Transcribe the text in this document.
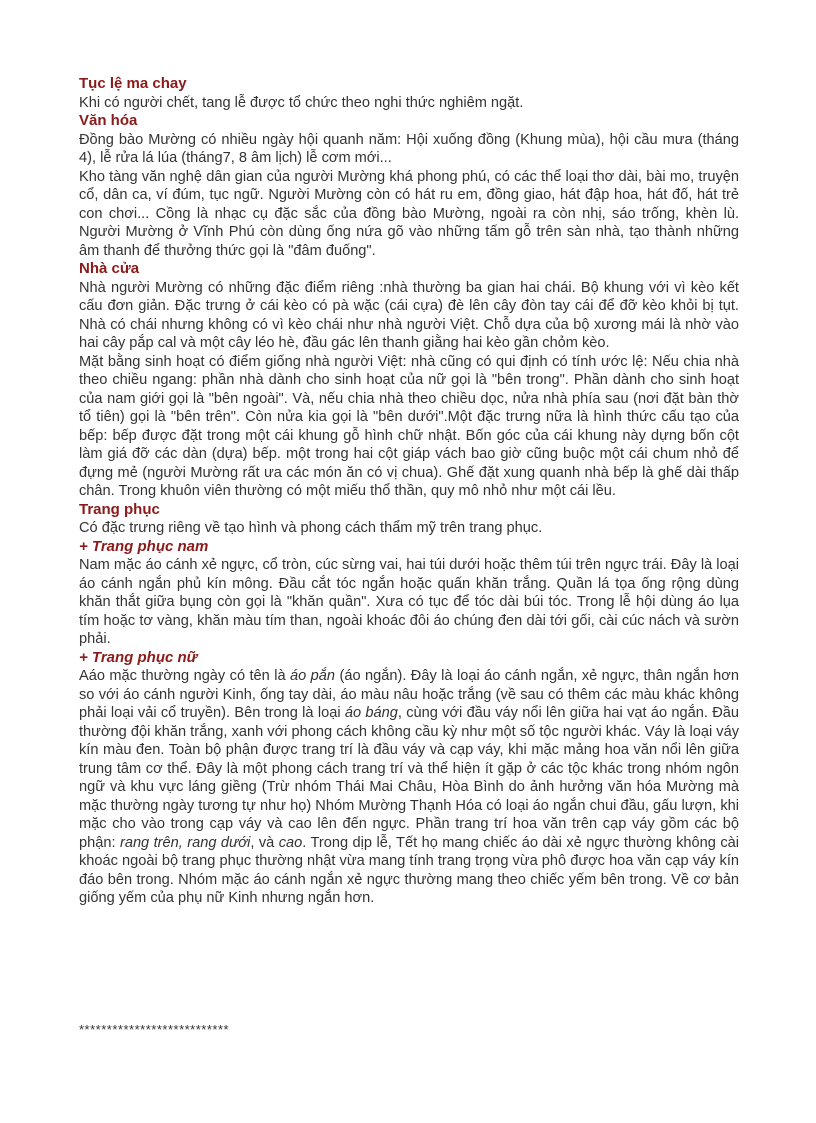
Tục lệ ma chay

Khi có người chết, tang lễ được tổ chức theo nghi thức nghiêm ngặt.

Văn hóa

Đồng bào Mường có nhiều ngày hội quanh năm: Hội xuống đồng (Khung mùa), hội cầu mưa (tháng 4), lễ rửa lá lúa (tháng7, 8 âm lịch) lễ cơm mới...

Kho tàng văn nghệ dân gian của người Mường khá phong phú, có các thể loại thơ dài, bài mo, truyện cổ, dân ca, ví đúm, tục ngữ. Người Mường còn có hát ru em, đồng giao, hát đập hoa, hát đố, hát trẻ con chơi... Cồng là nhạc cụ đặc sắc của đồng bào Mường, ngoài ra còn nhị, sáo trống, khèn lù. Người Mường ở Vĩnh Phú còn dùng ống nứa gõ vào những tấm gỗ trên sàn nhà, tạo thành những âm thanh để thưởng thức gọi là "đâm đuống".

Nhà cửa

Nhà người Mường có những đặc điểm riêng :nhà thường ba gian hai chái. Bộ khung với vì kèo kết cấu đơn giản. Đặc trưng ở cái kèo có pà wặc (cái cựa) đè lên cây đòn tay cái để đỡ kèo khỏi bị tụt. Nhà có chái nhưng không có vì kèo chái như nhà người Việt. Chỗ dựa của bộ xương mái là nhờ vào hai cây pắp cal và một cây léo hè, đầu gác lên thanh giằng hai kèo gần chỏm kèo.

Mặt bằng sinh hoạt có điểm giống nhà người Việt: nhà cũng có qui định có tính ước lệ: Nếu chia nhà theo chiều ngang: phần nhà dành cho sinh hoạt của nữ gọi là "bên trong". Phần dành cho sinh hoạt của nam giới gọi là "bên ngoài". Và, nếu chia nhà theo chiều dọc, nửa nhà phía sau (nơi đặt bàn thờ tổ tiên) gọi là "bên trên". Còn nửa kia gọi là "bên dưới".Một đặc trưng nữa là hình thức cấu tạo của bếp: bếp được đặt trong một cái khung gỗ hình chữ nhật. Bốn góc của cái khung này dựng bốn cột làm giá đỡ các dàn (dựa) bếp. một trong hai cột giáp vách bao giờ cũng buộc một cái chum nhỏ để đựng mẻ (người Mường rất ưa các món ăn có vị chua). Ghế đặt xung quanh nhà bếp là ghế dài thấp chân. Trong khuôn viên thường có một miếu thổ thần, quy mô nhỏ như một cái lều.

Trang phục

Có đặc trưng riêng về tạo hình và phong cách thẩm mỹ trên trang phục.

+ Trang phục nam

Nam mặc áo cánh xẻ ngực, cổ tròn, cúc sừng vai, hai túi dưới hoặc thêm túi trên ngực trái. Đây là loại áo cánh ngắn phủ kín mông. Đầu cắt tóc ngắn hoặc quấn khăn trắng. Quần lá tọa ống rộng dùng khăn thắt giữa bụng còn gọi là "khăn quần". Xưa có tục để tóc dài búi tóc. Trong lễ hội dùng áo lụa tím hoặc tơ vàng, khăn màu tím than, ngoài khoác đôi áo chúng đen dài tới gối, cài cúc nách và sườn phải.

+ Trang phục nữ

Aáo mặc thường ngày có tên là áo pắn (áo ngắn). Đây là loại áo cánh ngắn, xẻ ngực, thân ngắn hơn so với áo cánh người Kinh, ống tay dài, áo màu nâu hoặc trắng (về sau có thêm các màu khác không phải loại vải cổ truyền). Bên trong là loại áo báng, cùng với đầu váy nổi lên giữa hai vạt áo ngắn. Đầu thường đội khăn trắng, xanh với phong cách không cầu kỳ như một số tộc người khác. Váy là loại váy kín màu đen. Toàn bộ phận được trang trí là đầu váy và cạp váy, khi mặc mảng hoa văn nổi lên giữa trung tâm cơ thể. Đây là một phong cách trang trí và thể hiện ít gặp ở các tộc khác trong nhóm ngôn ngữ và khu vực láng giềng (Trừ nhóm Thái Mai Châu, Hòa Bình do ảnh hưởng văn hóa Mường mà mặc thường ngày tương tự như họ) Nhóm Mường Thạnh Hóa có loại áo ngắn chui đầu, gấu lượn, khi mặc cho vào trong cạp váy và cao lên đến ngực. Phần trang trí hoa văn trên cạp váy gồm các bộ phận: rang trên, rang dưới, và cao. Trong dịp lễ, Tết họ mang chiếc áo dài xẻ ngực thường không cài khoác ngoài bộ trang phục thường nhật vừa mang tính trang trọng vừa phô được hoa văn cạp váy kín đáo bên trong. Nhóm mặc áo cánh ngắn xẻ ngực thường mang theo chiếc yếm bên trong. Về cơ bản giống yếm của phụ nữ Kinh nhưng ngắn hơn.

***************************
